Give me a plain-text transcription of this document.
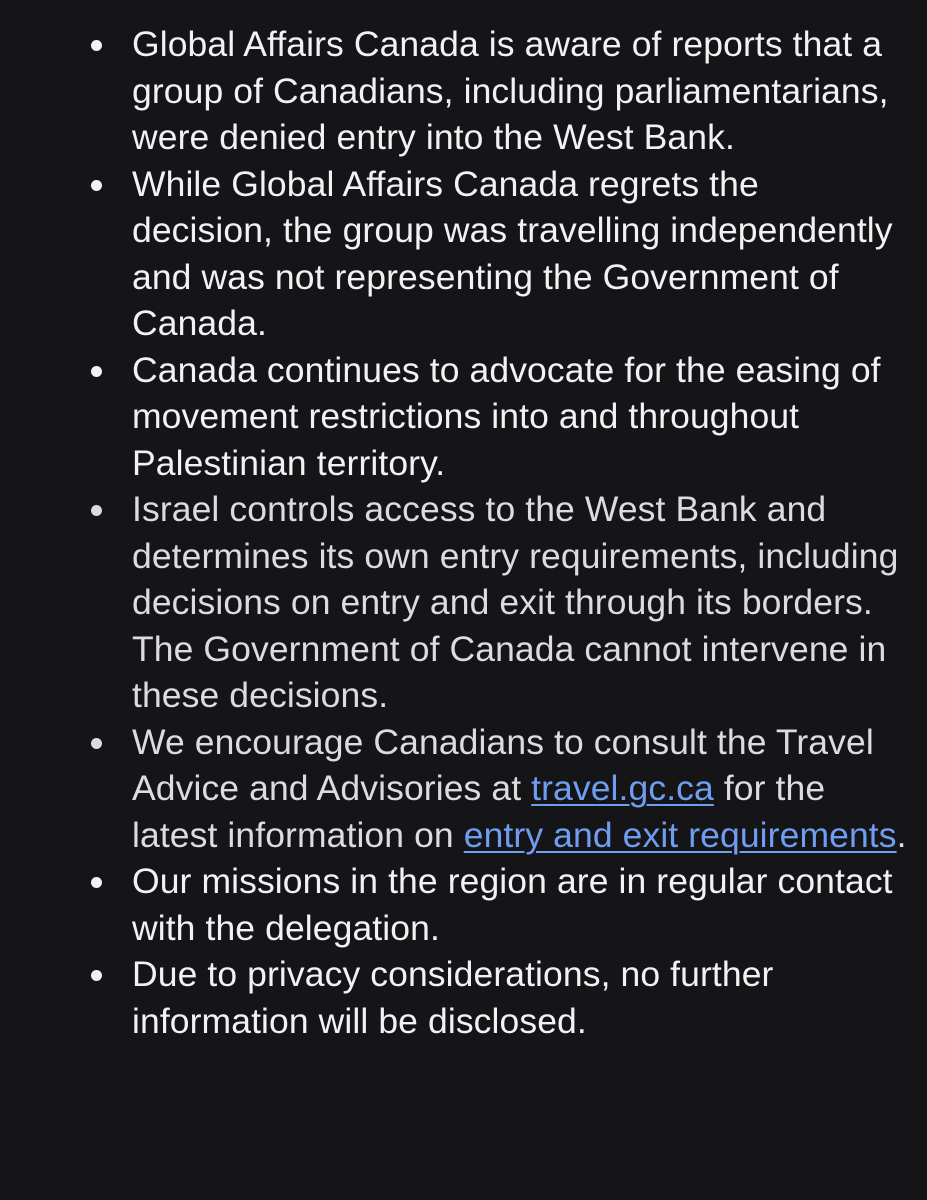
Global Affairs Canada is aware of reports that a group of Canadians, including parliamentarians, were denied entry into the West Bank.
While Global Affairs Canada regrets the decision, the group was travelling independently and was not representing the Government of Canada.
Canada continues to advocate for the easing of movement restrictions into and throughout Palestinian territory.
Israel controls access to the West Bank and determines its own entry requirements, including decisions on entry and exit through its borders. The Government of Canada cannot intervene in these decisions.
We encourage Canadians to consult the Travel Advice and Advisories at travel.gc.ca for the latest information on entry and exit requirements.
Our missions in the region are in regular contact with the delegation.
Due to privacy considerations, no further information will be disclosed.
